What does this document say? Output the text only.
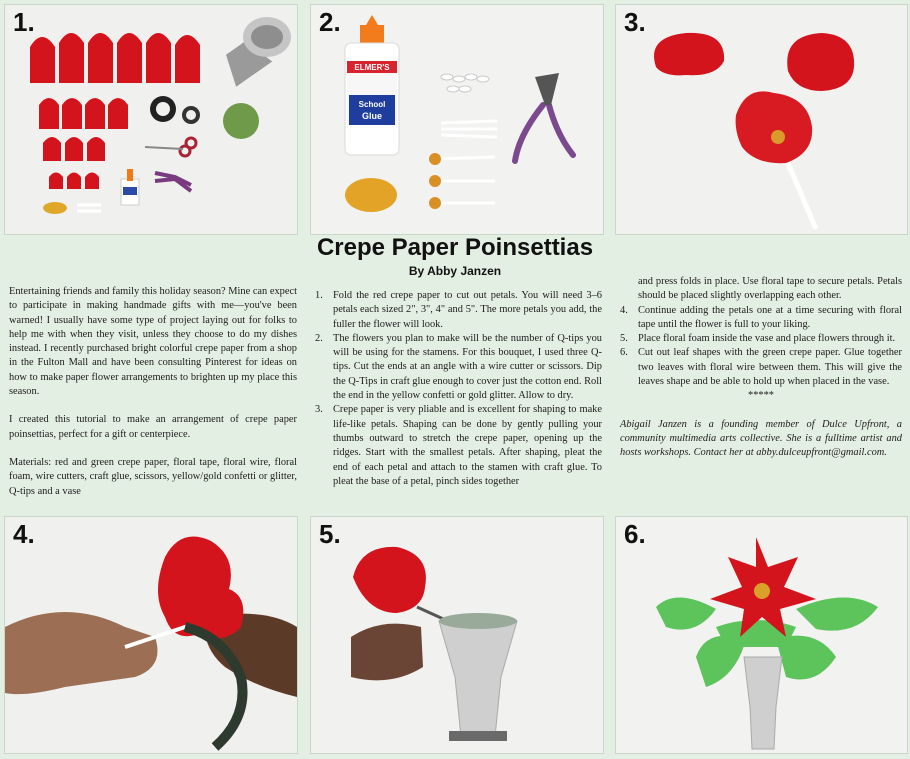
1.	2.
ELMER'S
School
Glue
3.
Crepe Paper Poinsettias
By Abby Janzen

Entertaining friends and family this holiday season? Mine can expect to participate in making handmade gifts with me—you've been warned! I usually have some type of project laying out for folks to help me with when they visit, unless they choose to do my dishes instead. I recently purchased bright colorful crepe paper from a shop in the Fulton Mall and have been consulting Pinterest for ideas on how to make paper flower arrangements to brighten up my place this season.

I created this tutorial to make an arrangement of crepe paper poinsettias, perfect for a gift or centerpiece.

Materials: red and green crepe paper, floral tape, floral wire, floral foam, wire cutters, craft glue, scissors, yellow/gold confetti or glitter, Q-tips and a vase

1. Fold the red crepe paper to cut out petals. You will need 3–6 petals each sized 2", 3", 4" and 5". The more petals you add, the fuller the flower will look.
2. The flowers you plan to make will be the number of Q-tips you will be using for the stamens. For this bouquet, I used three Q-tips. Cut the ends at an angle with a wire cutter or scissors. Dip the Q-Tips in craft glue enough to cover just the cotton end. Roll the end in the yellow confetti or gold glitter. Allow to dry.
3. Crepe paper is very pliable and is excellent for shaping to make life-like petals. Shaping can be done by gently pulling your thumbs outward to stretch the crepe paper, opening up the ridges. Start with the smallest petals. After shaping, pleat the end of each petal and attach to the stamen with craft glue. To pleat the base of a petal, pinch sides together

and press folds in place. Use floral tape to secure petals. Petals should be placed slightly overlapping each other.

4. Continue adding the petals one at a time securing with floral tape until the flower is full to your liking.
5. Place floral foam inside the vase and place flowers through it.
6. Cut out leaf shapes with the green crepe paper. Glue together two leaves with floral wire between them. This will give the leaves shape and be able to hold up when placed in the vase.

*****

Abigail Janzen is a founding member of Dulce Upfront, a community multimedia arts collective. She is a fulltime artist and hosts workshops. Contact her at abby.dulceupfront@gmail.com.

4.	5.	6.
